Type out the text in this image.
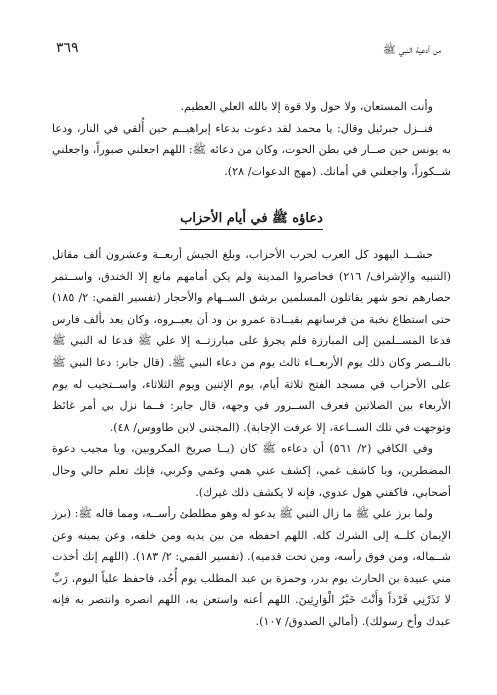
٣٦٩	من أدعية النبي ﷺ

وأنت المستعان، ولا حول ولا قوة إلا بالله العلي العظيم.

فنــزل جبرئيل وقال: يا محمد لقد دعوت بدعاء إبراهيــم حين أُلقي في النار، ودعا به يونس حين صــار في بطن الحوت، وكان من دعائه ﷺ: اللهم اجعلني صبوراً، واجعلني شــكوراً، واجعلني في أمانك. (مهج الدعوات/ ٢٨).

دعاؤه ﷺ في أيام الأحزاب

حشــد اليهود كل العرب لحرب الأحزاب، وبلغ الجيش أربعــة وعشرون ألف مقاتل (التنبيه والإشراف/ ٢١٦) فحاصروا المدينة ولم يكن أمامهم مانع إلا الخندق، واســتمر حصارهم نحو شهر يقاتلون المسلمين برشق الســهام والأحجار (تفسير القمي: ٢/ ١٨٥) حتى استطاع نخبة من فرسانهم بقيــادة عمرو بن ود أن يعبــروه، وكان يعد بألف فارس فدعا المســلمين إلى المبارزة فلم يجرؤ على مبارزتــه إلا علي ﷺ فدعا له النبي ﷺ بالنــصر وكان ذلك يوم الأربعــاء ثالث يوم من دعاء النبي ﷺ. (قال جابر: دعا النبي ﷺ على الأحزاب في مسجد الفتح ثلاثة أيام، يوم الإثنين ويوم الثلاثاء، واســتجيب له يوم الأربعاء بين الصلاتين فعرف الســرور في وجهه، قال جابر: فــما نزل بي أمر غائظ وتوجهت في تلك الســاعة، إلا عرفت الإجابة). (المجتنى لابن طاووس/ ٤٨).

وفي الكافي (٢/ ٥٦١) أن دعاءه ﷺ كان (يــا صريخ المكروبين، ويا مجيب دعوة المضطرين، ويا كاشف غمي، إكشف عني همي وغمي وكربي، فإنك تعلم حالي وحال أصحابي، فاكفني هول عدوي، فإنه لا يكشف ذلك غيرك).

ولما برز علي ﷺ ما زال النبي ﷺ يدعو له وهو مطلطئ رأســه، ومما قاله ﷺ: (برز الإيمان كلــه إلى الشرك كله. اللهم احفظه من بين يديه ومن خلفه، وعن يمينه وعن شــماله، ومن فوق رأسه، ومن تحت قدميه). (تفسير القمي: ٢/ ١٨٣). (اللهم إنك أخذت مني عبيدة بن الحارث يوم بدر، وحمزة بن عبد المطلب يوم أُحُد، فاحفظ علياً اليوم، رَبِّ لا تَذَرْنِي فَرْداً وَأَنْتَ خَيْرُ الْوَارِثِينَ. اللهم أعنه واستعن به، اللهم انصره وانتصر به فإنه عبدك وأخ رسولك). (أمالي الصدوق/ ١٠٧).
